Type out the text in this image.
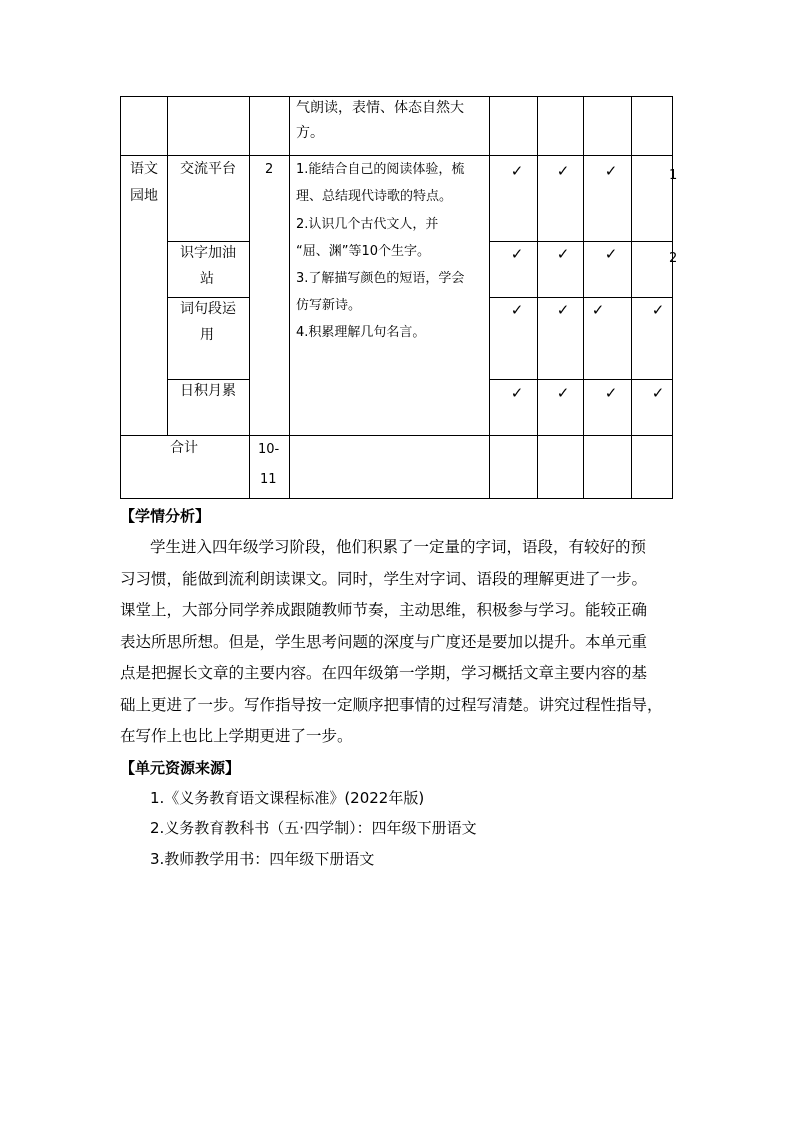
气朗读，表情、体态自然大
方。
语文
园地
交流平台
识字加油
站
词句段运
用
日积月累
2 1.能结合自己的阅读体验，梳
理、总结现代诗歌的特点。
2.认识几个古代文人，并
“屈、渊”等10个生字。
3.了解描写颜色的短语，学会
仿写新诗。
4.积累理解几句名言。
✓ ✓ ✓
✓ ✓ ✓
✓ ✓ ✓	✓
✓ ✓ ✓ ✓
1
2
合计	10-
11
【学情分析】
学生进入四年级学习阶段，他们积累了一定量的字词，语段，有较好的预
习习惯，能做到流利朗读课文。同时，学生对字词、语段的理解更进了一步。
课堂上，大部分同学养成跟随教师节奏，主动思维，积极参与学习。能较正确
表达所思所想。但是，学生思考问题的深度与广度还是要加以提升。本单元重
点是把握长文章的主要内容。在四年级第一学期，学习概括文章主要内容的基
础上更进了一步。写作指导按一定顺序把事情的过程写清楚。讲究过程性指导，
在写作上也比上学期更进了一步。
【单元资源来源】
1.《义务教育语文课程标准》(2022年版)
2.义务教育教科书（五·四学制）：四年级下册语文
3.教师教学用书：四年级下册语文
